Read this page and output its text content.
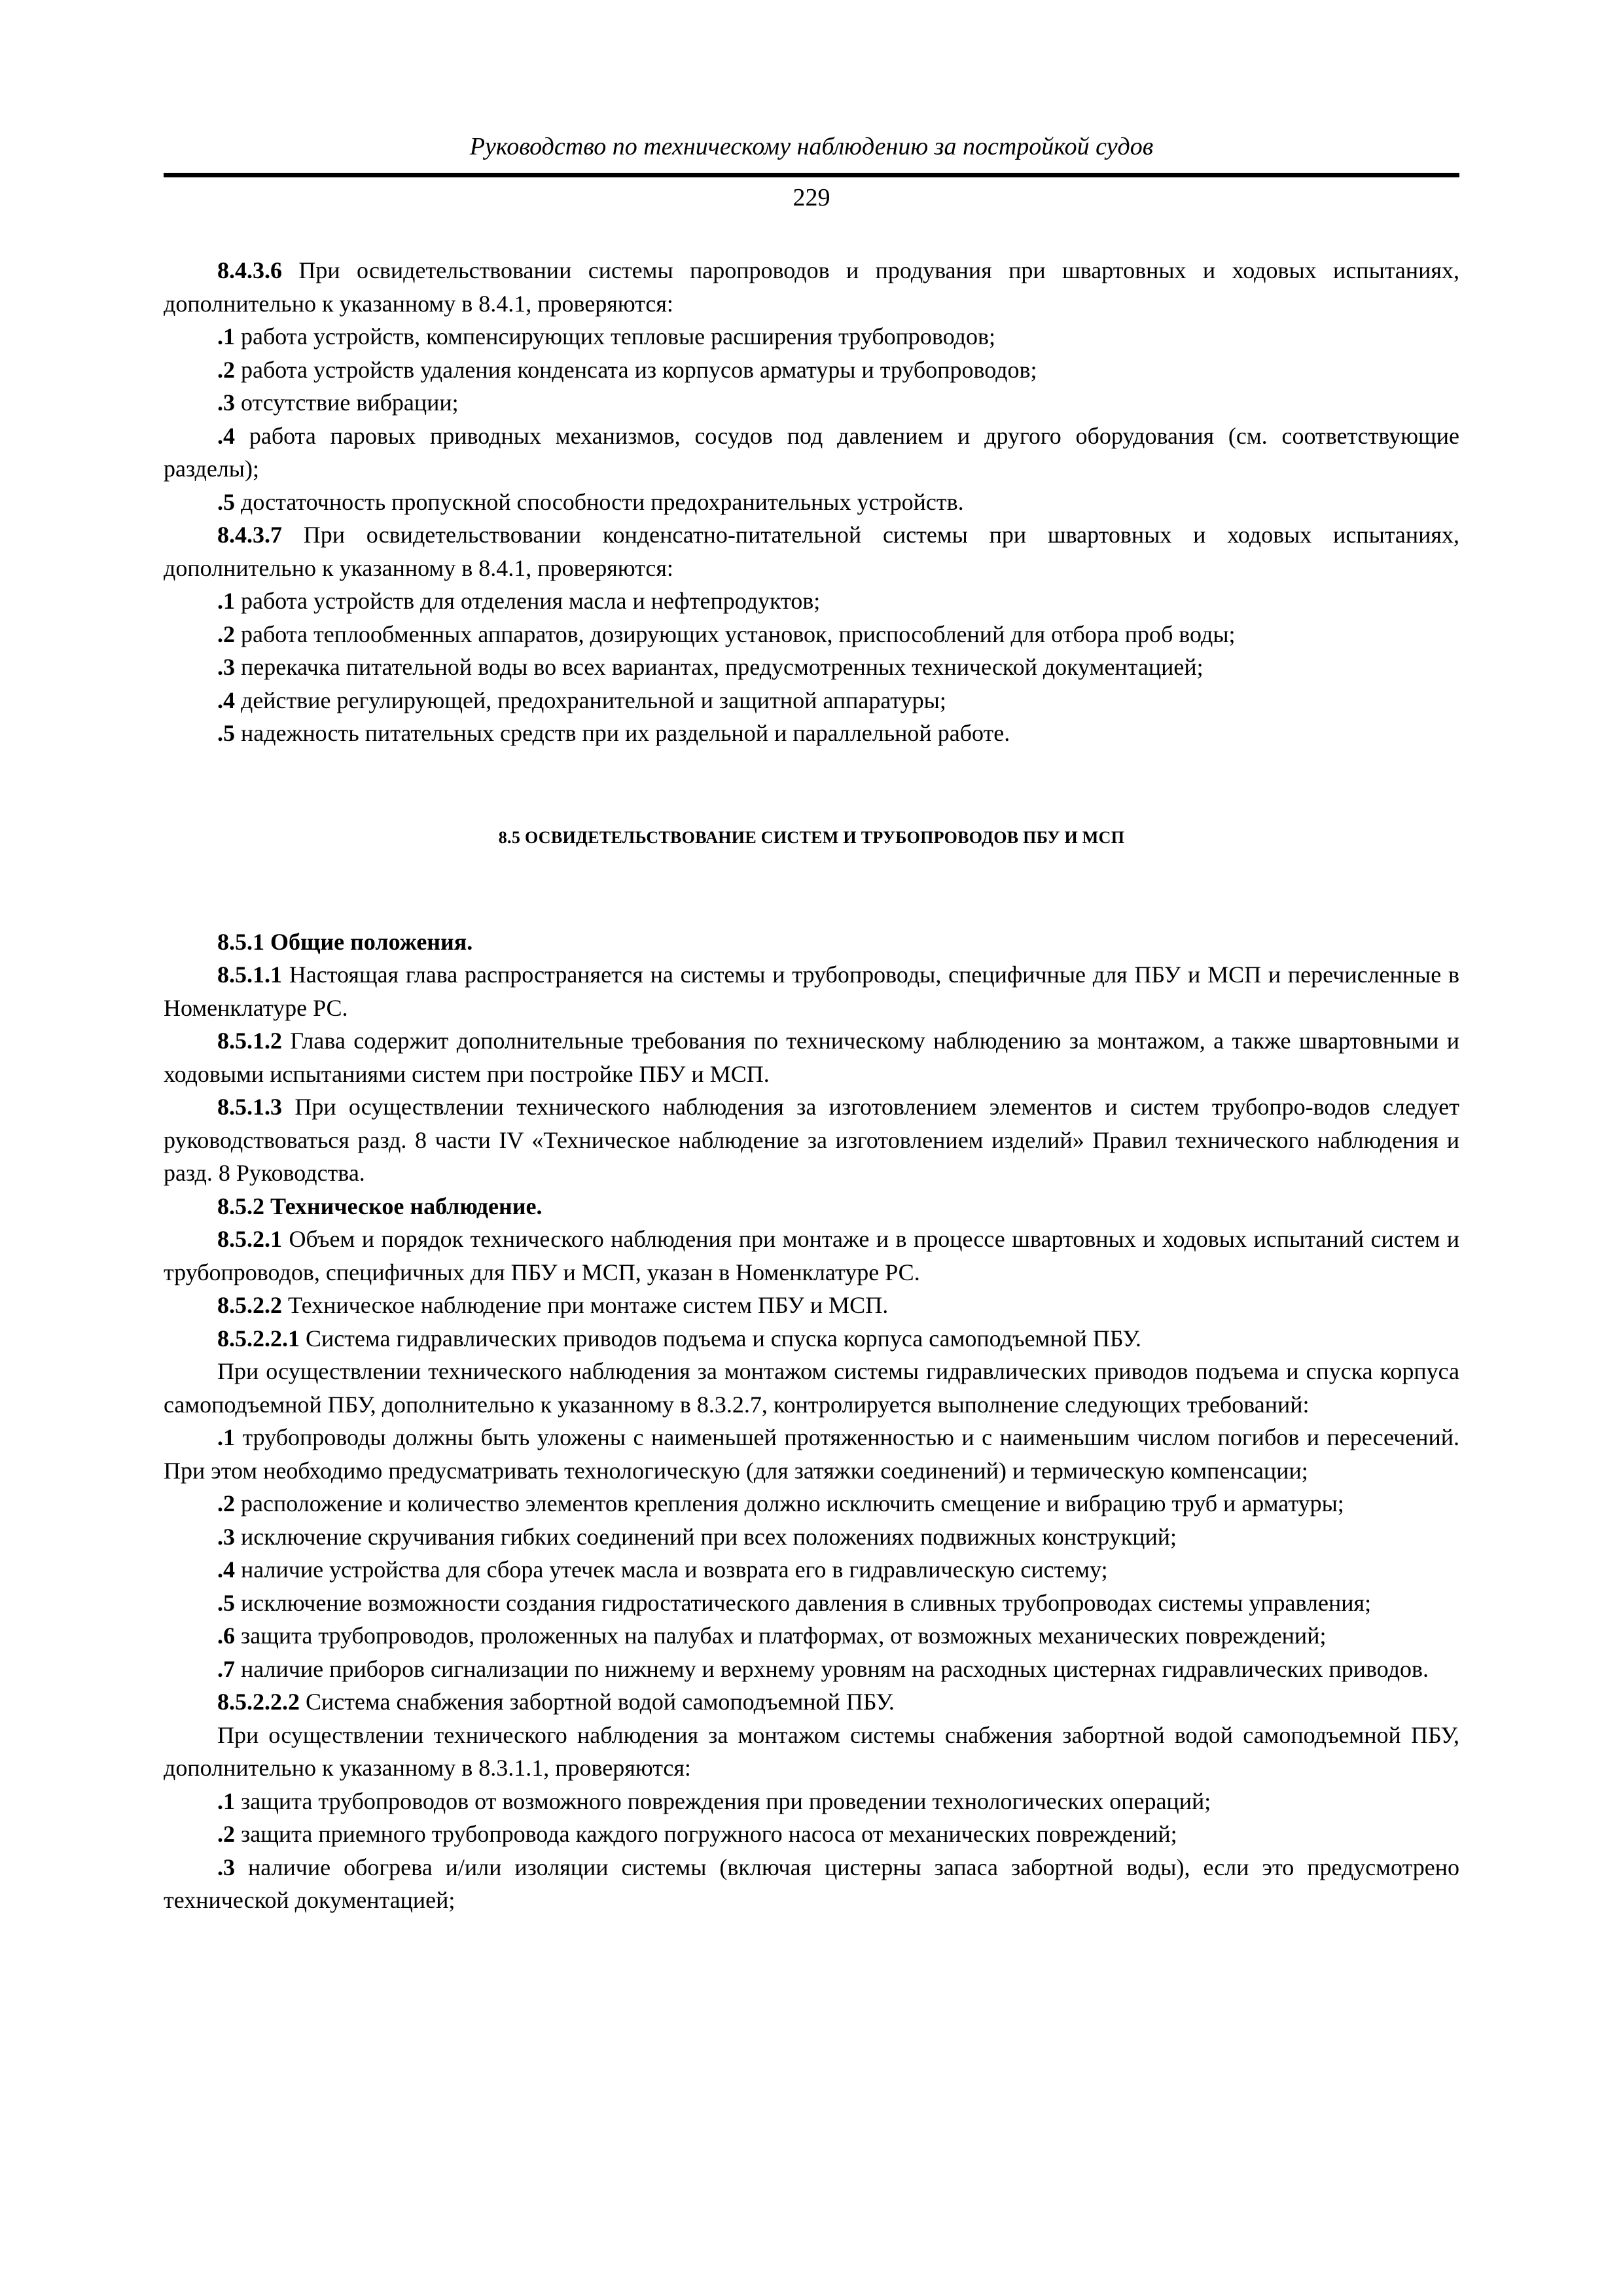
Руководство по техническому наблюдению за постройкой судов
229

8.4.3.6 При освидетельствовании системы паропроводов и продувания при швартовных и ходовых испытаниях, дополнительно к указанному в 8.4.1, проверяются:

.1 работа устройств, компенсирующих тепловые расширения трубопроводов;

.2 работа устройств удаления конденсата из корпусов арматуры и трубопроводов;

.3 отсутствие вибрации;

.4 работа паровых приводных механизмов, сосудов под давлением и другого оборудования (см. соответствующие разделы);

.5 достаточность пропускной способности предохранительных устройств.

8.4.3.7 При освидетельствовании конденсатно-питательной системы при швартовных и ходовых испытаниях, дополнительно к указанному в 8.4.1, проверяются:

.1 работа устройств для отделения масла и нефтепродуктов;

.2 работа теплообменных аппаратов, дозирующих установок, приспособлений для отбора проб воды;

.3 перекачка питательной воды во всех вариантах, предусмотренных технической документацией;

.4 действие регулирующей, предохранительной и защитной аппаратуры;

.5 надежность питательных средств при их раздельной и параллельной работе.

8.5 ОСВИДЕТЕЛЬСТВОВАНИЕ СИСТЕМ И ТРУБОПРОВОДОВ ПБУ И МСП

8.5.1 Общие положения.

8.5.1.1 Настоящая глава распространяется на системы и трубопроводы, специфичные для ПБУ и МСП и перечисленные в Номенклатуре РС.

8.5.1.2 Глава содержит дополнительные требования по техническому наблюдению за монтажом, а также швартовными и ходовыми испытаниями систем при постройке ПБУ и МСП.

8.5.1.3 При осуществлении технического наблюдения за изготовлением элементов и систем трубопро-водов следует руководствоваться разд. 8 части IV «Техническое наблюдение за изготовлением изделий» Правил технического наблюдения и разд. 8 Руководства.

8.5.2 Техническое наблюдение.

8.5.2.1 Объем и порядок технического наблюдения при монтаже и в процессе швартовных и ходовых испытаний систем и трубопроводов, специфичных для ПБУ и МСП, указан в Номенклатуре РС.

8.5.2.2 Техническое наблюдение при монтаже систем ПБУ и МСП.

8.5.2.2.1 Система гидравлических приводов подъема и спуска корпуса самоподъемной ПБУ.

При осуществлении технического наблюдения за монтажом системы гидравлических приводов подъема и спуска корпуса самоподъемной ПБУ, дополнительно к указанному в 8.3.2.7, контролируется выполнение следующих требований:

.1 трубопроводы должны быть уложены с наименьшей протяженностью и с наименьшим числом погибов и пересечений. При этом необходимо предусматривать технологическую (для затяжки соединений) и термическую компенсации;

.2 расположение и количество элементов крепления должно исключить смещение и вибрацию труб и арматуры;

.3 исключение скручивания гибких соединений при всех положениях подвижных конструкций;

.4 наличие устройства для сбора утечек масла и возврата его в гидравлическую систему;

.5 исключение возможности создания гидростатического давления в сливных трубопроводах системы управления;

.6 защита трубопроводов, проложенных на палубах и платформах, от возможных механических повреждений;

.7 наличие приборов сигнализации по нижнему и верхнему уровням на расходных цистернах гидравлических приводов.

8.5.2.2.2 Система снабжения забортной водой самоподъемной ПБУ.

При осуществлении технического наблюдения за монтажом системы снабжения забортной водой самоподъемной ПБУ, дополнительно к указанному в 8.3.1.1, проверяются:

.1 защита трубопроводов от возможного повреждения при проведении технологических операций;

.2 защита приемного трубопровода каждого погружного насоса от механических повреждений;

.3 наличие обогрева и/или изоляции системы (включая цистерны запаса забортной воды), если это предусмотрено технической документацией;
